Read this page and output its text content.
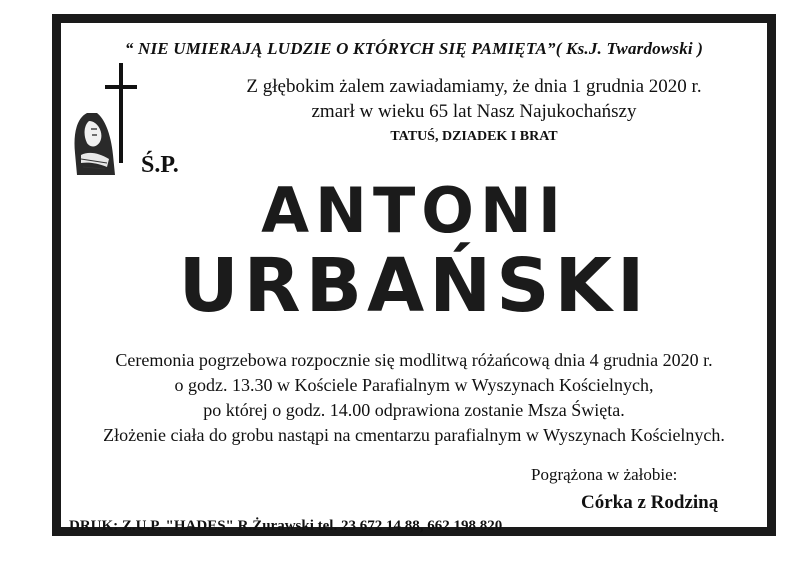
“ NIE UMIERAJĄ LUDZIE O KTÓRYCH SIĘ PAMIĘTA”( Ks.J. Twardowski )
Z głębokim żalem zawiadamiamy, że dnia 1 grudnia 2020 r.
zmarł w wieku 65 lat Nasz Najukochańszy
TATUŚ, DZIADEK I BRAT
Ś.P.
ANTONI
URBAŃSKI
Ceremonia pogrzebowa rozpocznie się modlitwą różańcową dnia 4 grudnia 2020 r.
o godz. 13.30 w Kościele Parafialnym w Wyszynach Kościelnych,
po której o godz. 14.00 odprawiona zostanie Msza Święta.
Złożenie ciała do grobu nastąpi na cmentarzu parafialnym w Wyszynach Kościelnych.
Pogrążona w żałobie:
Córka z Rodziną
DRUK: Z.U.P. "HADES" R.Żurawski tel. 23 672 14 88, 662 198 820
